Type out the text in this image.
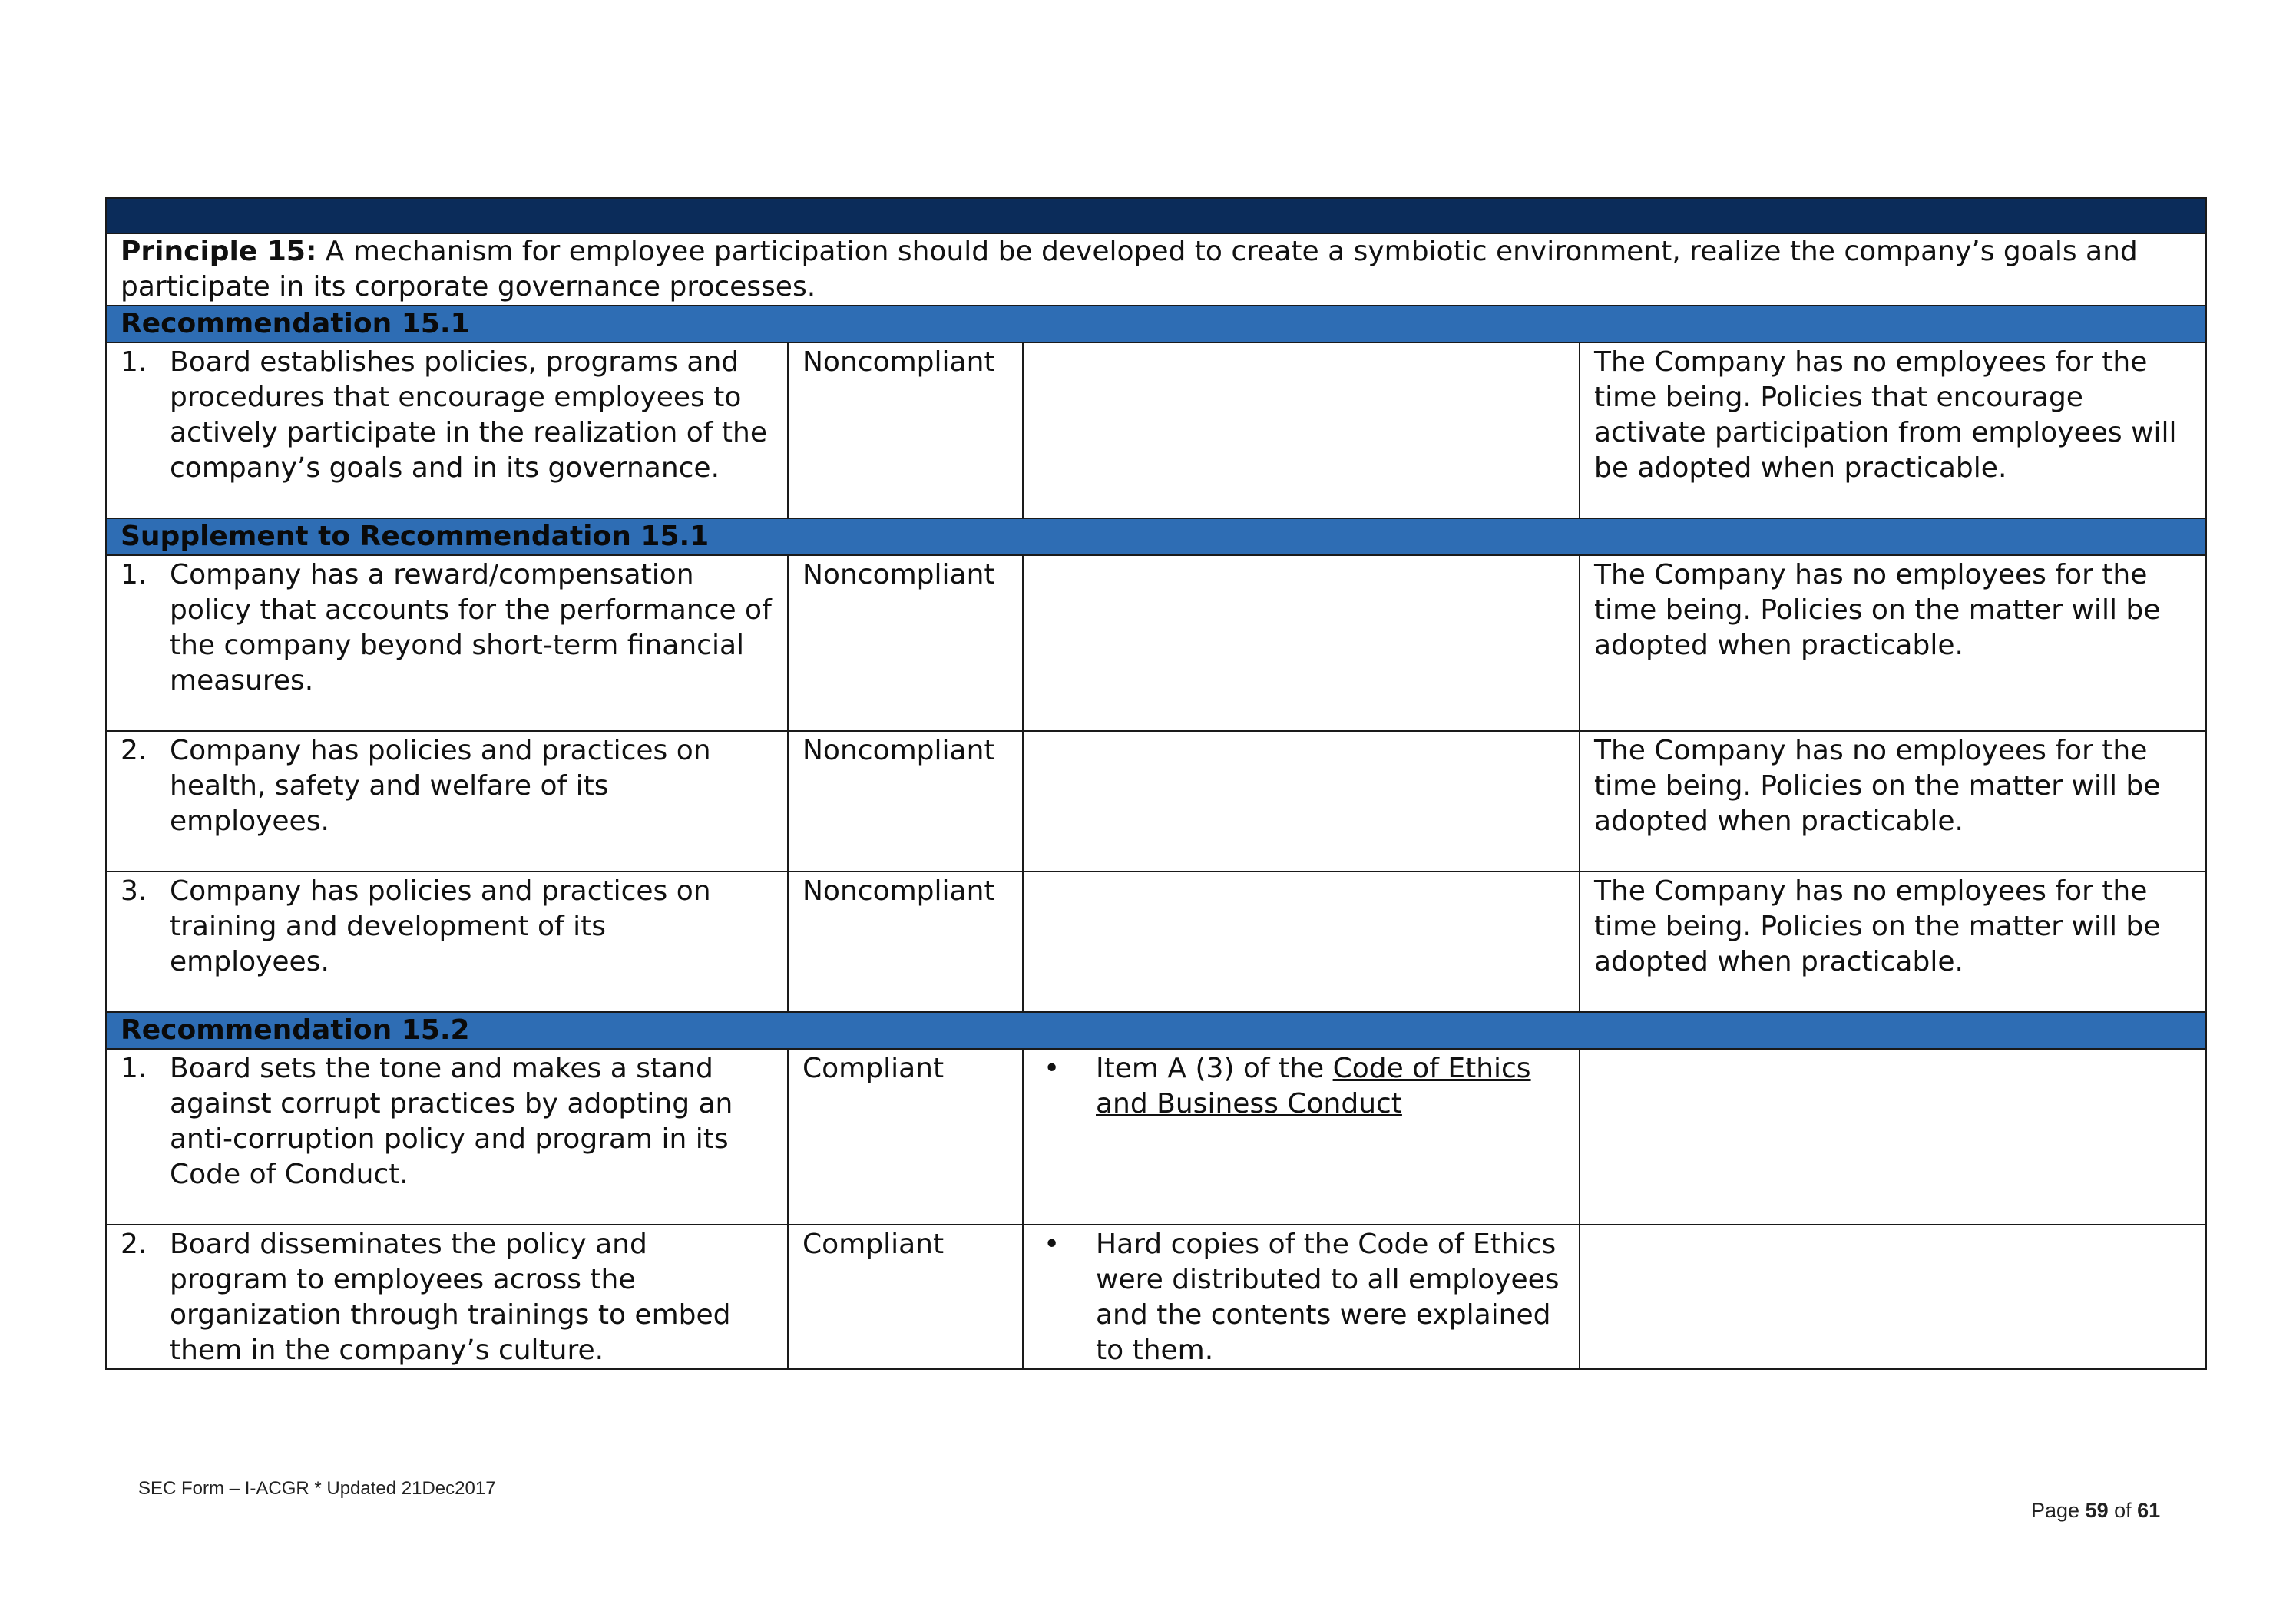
Principle 15: A mechanism for employee participation should be developed to create a symbiotic environment, realize the company’s goals and participate in its corporate governance processes.			
Recommendation 15.1			

1. Board establishes policies, programs and procedures that encourage employees to actively participate in the realization of the company’s goals and in its governance.	Noncompliant		The Company has no employees for the time being. Policies that encourage activate participation from employees will be adopted when practicable.
Supplement to Recommendation 15.1			

1. Company has a reward/compensation policy that accounts for the performance of the company beyond short-term financial measures.	Noncompliant		The Company has no employees for the time being. Policies on the matter will be adopted when practicable.

2. Company has policies and practices on health, safety and welfare of its employees.	Noncompliant		The Company has no employees for the time being. Policies on the matter will be adopted when practicable.

3. Company has policies and practices on training and development of its employees.	Noncompliant		The Company has no employees for the time being. Policies on the matter will be adopted when practicable.
Recommendation 15.2			

1. Board sets the tone and makes a stand against corrupt practices by adopting an anti-corruption policy and program in its Code of Conduct.	Compliant	• Item A (3) of the Code of Ethics and Business Conduct	

2. Board disseminates the policy and program to employees across the organization through trainings to embed them in the company’s culture.	Compliant	• Hard copies of the Code of Ethics were distributed to all employees and the contents were explained to them.	

SEC Form – I-ACGR * Updated 21Dec2017
Page 59 of 61
